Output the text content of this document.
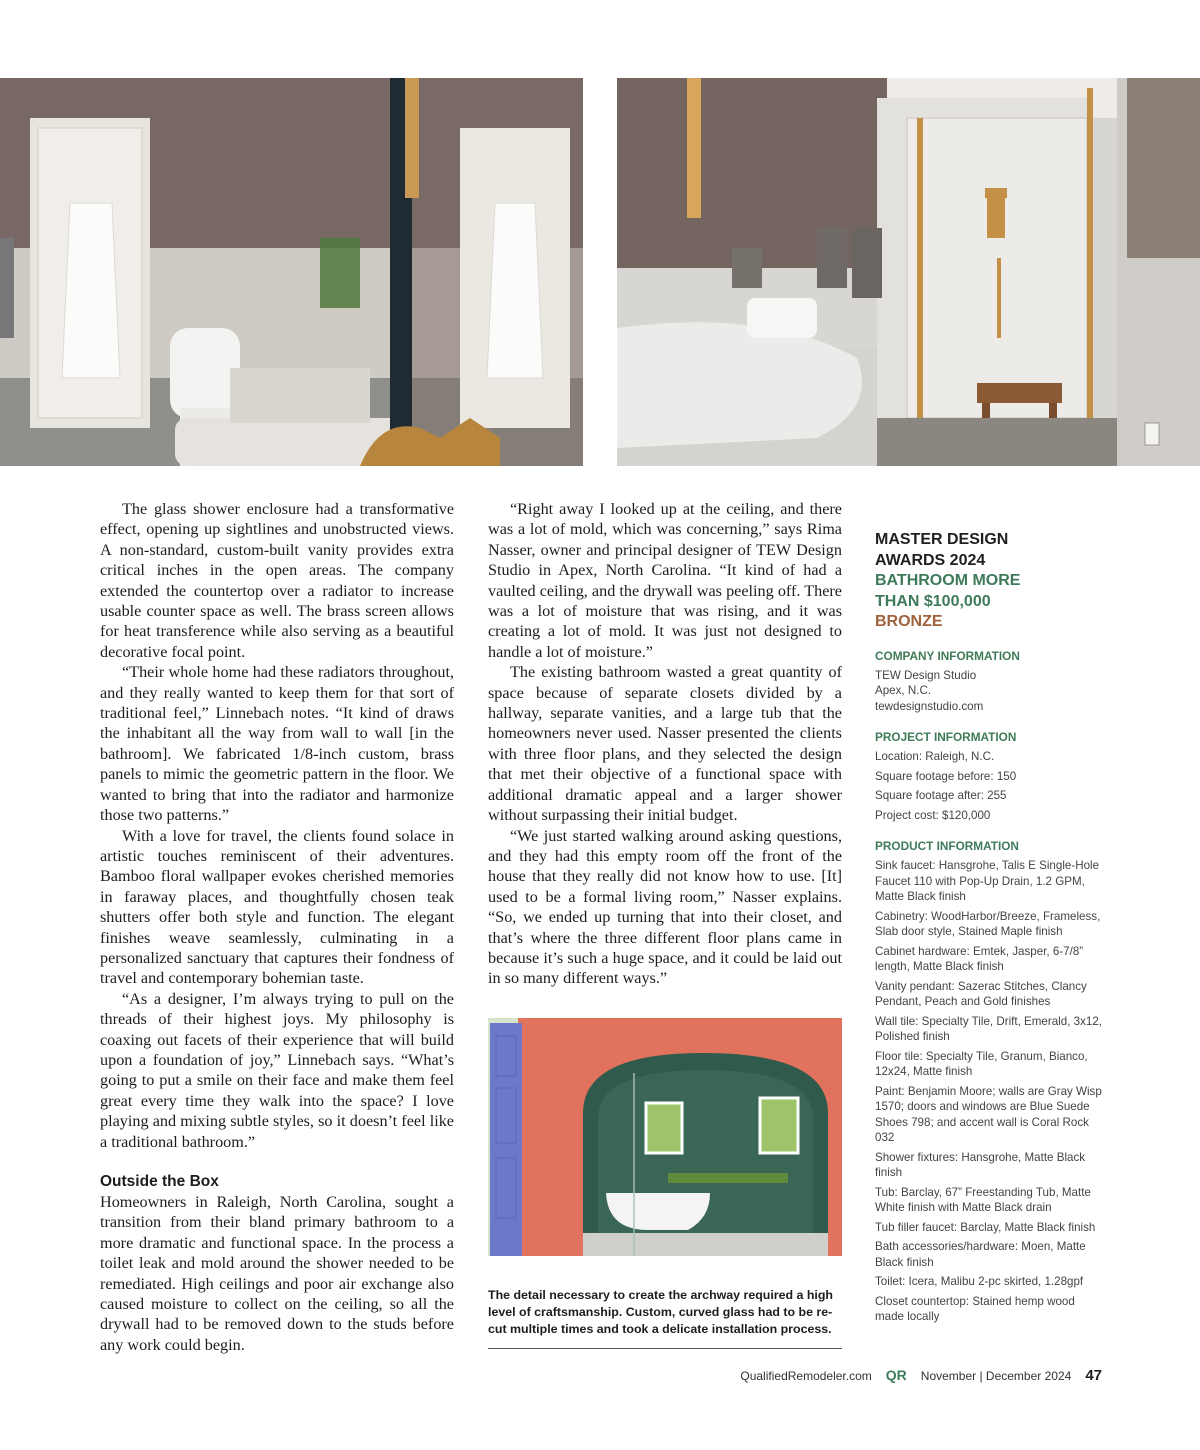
The glass shower enclosure had a transformative effect, opening up sightlines and unobstructed views. A non-standard, custom-built vanity provides extra critical inches in the open areas. The company extended the countertop over a radiator to increase usable counter space as well. The brass screen allows for heat transference while also serving as a beautiful decorative focal point.

“Their whole home had these radiators throughout, and they really wanted to keep them for that sort of traditional feel,” Linnebach notes. “It kind of draws the inhabitant all the way from wall to wall [in the bathroom]. We fabricated 1/8-inch custom, brass panels to mimic the geometric pattern in the floor. We wanted to bring that into the radiator and harmonize those two patterns.”

With a love for travel, the clients found solace in artistic touches reminiscent of their adventures. Bamboo floral wallpaper evokes cherished memories in faraway places, and thoughtfully chosen teak shutters offer both style and function. The elegant finishes weave seamlessly, culminating in a personalized sanctuary that captures their fondness of travel and contemporary bohemian taste.

“As a designer, I’m always trying to pull on the threads of their highest joys. My philosophy is coaxing out facets of their experience that will build upon a foundation of joy,” Linnebach says. “What’s going to put a smile on their face and make them feel great every time they walk into the space? I love playing and mixing subtle styles, so it doesn’t feel like a traditional bathroom.”

Outside the Box

Homeowners in Raleigh, North Carolina, sought a transition from their bland primary bathroom to a more dramatic and functional space. In the process a toilet leak and mold around the shower needed to be remediated. High ceilings and poor air exchange also caused moisture to collect on the ceiling, so all the drywall had to be removed down to the studs before any work could begin.

“Right away I looked up at the ceiling, and there was a lot of mold, which was concerning,” says Rima Nasser, owner and principal designer of TEW Design Studio in Apex, North Carolina. “It kind of had a vaulted ceiling, and the drywall was peeling off. There was a lot of moisture that was rising, and it was creating a lot of mold. It was just not designed to handle a lot of moisture.”

The existing bathroom wasted a great quantity of space because of separate closets divided by a hallway, separate vanities, and a large tub that the homeowners never used. Nasser presented the clients with three floor plans, and they selected the design that met their objective of a functional space with additional dramatic appeal and a larger shower without surpassing their initial budget.

“We just started walking around asking questions, and they had this empty room off the front of the house that they really did not know how to use. [It] used to be a formal living room,” Nasser explains. “So, we ended up turning that into their closet, and that’s where the three different floor plans came in because it’s such a huge space, and it could be laid out in so many different ways.”

The detail necessary to create the archway required a high level of craftsmanship. Custom, curved glass had to be re-cut multiple times and took a delicate installation process.
MASTER DESIGN
AWARDS 2024
BATHROOM MORE
THAN $100,000
BRONZE
COMPANY INFORMATION
TEW Design Studio
Apex, N.C.
tewdesignstudio.com
PROJECT INFORMATION
Location: Raleigh, N.C.
Square footage before: 150
Square footage after: 255
Project cost: $120,000
PRODUCT INFORMATION
Sink faucet: Hansgrohe, Talis E Single-Hole Faucet 110 with Pop-Up Drain, 1.2 GPM, Matte Black finish
Cabinetry: WoodHarbor/Breeze, Frameless, Slab door style, Stained Maple finish
Cabinet hardware: Emtek, Jasper, 6-7/8” length, Matte Black finish
Vanity pendant: Sazerac Stitches, Clancy Pendant, Peach and Gold finishes
Wall tile: Specialty Tile, Drift, Emerald, 3x12, Polished finish
Floor tile: Specialty Tile, Granum, Bianco, 12x24, Matte finish
Paint: Benjamin Moore; walls are Gray Wisp 1570; doors and windows are Blue Suede Shoes 798; and accent wall is Coral Rock 032
Shower fixtures: Hansgrohe, Matte Black finish
Tub: Barclay, 67” Freestanding Tub, Matte White finish with Matte Black drain
Tub filler faucet: Barclay, Matte Black finish
Bath accessories/hardware: Moen, Matte Black finish
Toilet: Icera, Malibu 2-pc skirted, 1.28gpf
Closet countertop: Stained hemp wood made locally
QualifiedRemodeler.com QR November | December 2024 47
